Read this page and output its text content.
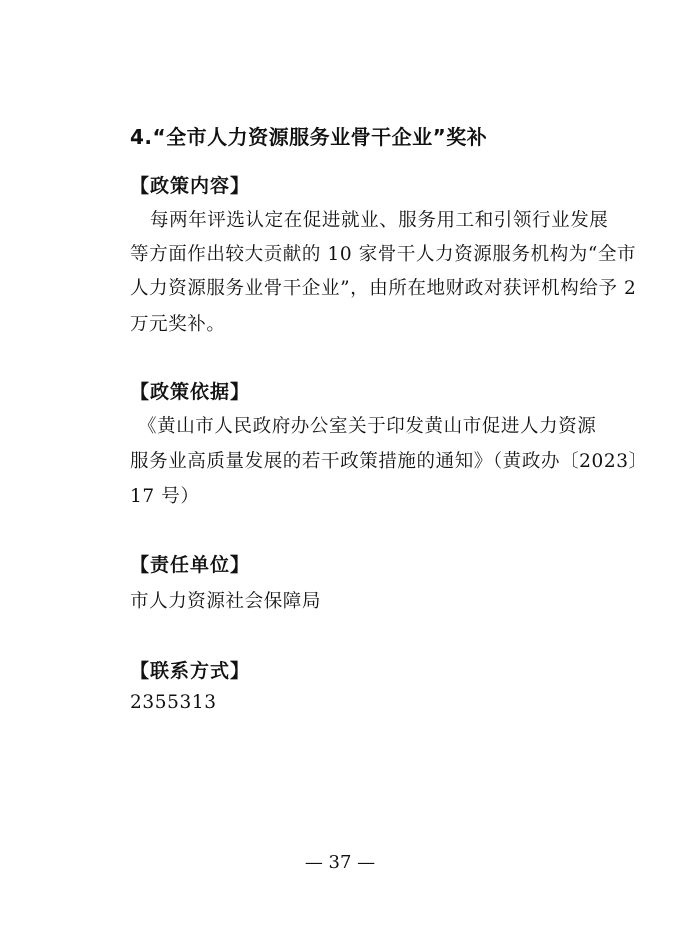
4.“全市人力资源服务业骨干企业”奖补
【政策内容】
每两年评选认定在促进就业、服务用工和引领行业发展
等方面作出较大贡献的 10 家骨干人力资源服务机构为“全市
人力资源服务业骨干企业”，由所在地财政对获评机构给予 2
万元奖补。
【政策依据】
《黄山市人民政府办公室关于印发黄山市促进人力资源
服务业高质量发展的若干政策措施的通知》（黄政办〔2023〕
17 号）
【责任单位】
市人力资源社会保障局
【联系方式】
2355313
— 37 —
